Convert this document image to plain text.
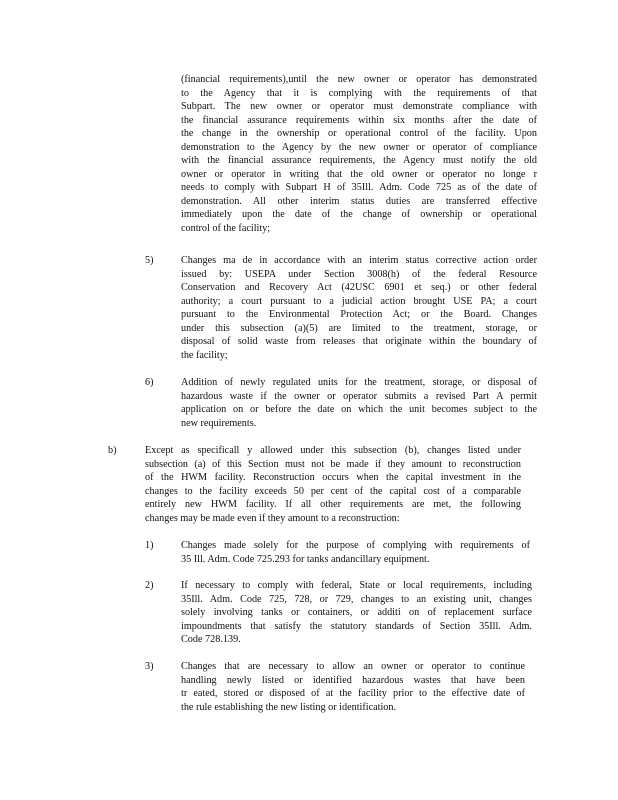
(financial requirements),until the new owner or operator has demonstrated
to the Agency that it is complying with the requirements of that
Subpart. The new owner or operator must demonstrate compliance with
the financial assurance requirements within six months after the date of
the change in the ownership or operational control of the facility. Upon
demonstration to the Agency by the new owner or operator of compliance
with the financial assurance requirements, the Agency must notify the old
owner or operator in writing that the old owner or operator no longe r
needs to comply with Subpart H of 35Ill. Adm. Code 725 as of the date of
demonstration. All other interim status duties are transferred effective
immediately upon the date of the change of ownership or operational
control of the facility;
5)	Changes ma de in accordance with an interim status corrective action order
issued by: USEPA under Section 3008(h) of the federal Resource
Conservation and Recovery Act (42USC 6901 et seq.) or other federal
authority; a court pursuant to a judicial action brought USE PA; a court
pursuant to the Environmental Protection Act; or the Board. Changes
under this subsection (a)(5) are limited to the treatment, storage, or
disposal of solid waste from releases that originate within the boundary of
the facility;
6)	Addition of newly regulated units for the treatment, storage, or disposal of
hazardous waste if the owner or operator submits a revised Part A permit
application on or before the date on which the unit becomes subject to the
new requirements.
b)	Except as specificall y allowed under this subsection (b), changes listed under
subsection (a) of this Section must not be made if they amount to reconstruction
of the HWM facility. Reconstruction occurs when the capital investment in the
changes to the facility exceeds 50 per cent of the capital cost of a comparable
entirely new HWM facility. If all other requirements are met, the following
changes may be made even if they amount to a reconstruction:
1)	Changes made solely for the purpose of complying with requirements of
35 Ill. Adm. Code 725.293 for tanks andancillary equipment.
2)	If necessary to comply with federal, State or local requirements, including
35Ill. Adm. Code 725, 728, or 729, changes to an existing unit, changes
solely involving tanks or containers, or additi on of replacement surface
impoundments that satisfy the statutory standards of Section 35Ill. Adm.
Code 728.139.
3)	Changes that are necessary to allow an owner or operator to continue
handling newly listed or identified hazardous wastes that have been
tr eated, stored or disposed of at the facility prior to the effective date of
the rule establishing the new listing or identification.
